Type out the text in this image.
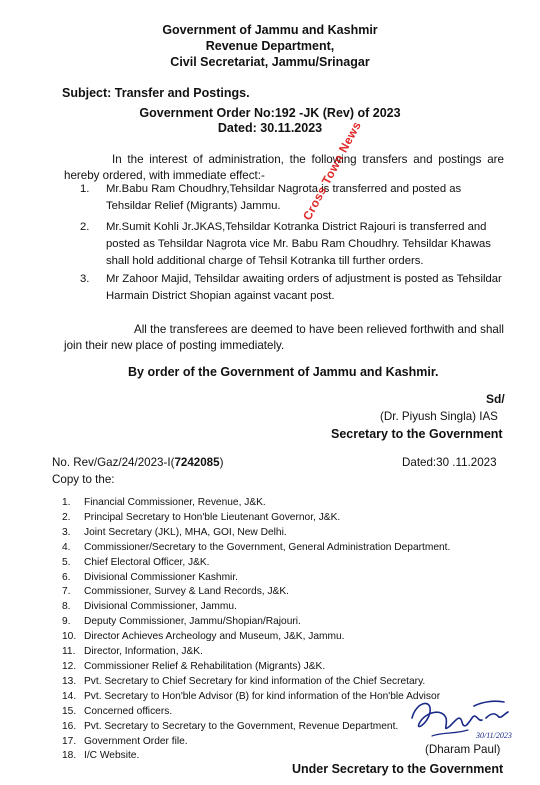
Government of Jammu and Kashmir
Revenue Department,
Civil Secretariat, Jammu/Srinagar
Subject: Transfer and Postings.
Government Order No:192 -JK (Rev) of 2023
Dated: 30.11.2023

In the interest of administration, the following transfers and postings are hereby ordered, with immediate effect:-

1. Mr.Babu Ram Choudhry,Tehsildar Nagrota is transferred and posted as Tehsildar Relief (Migrants) Jammu.
2. Mr.Sumit Kohli Jr.JKAS,Tehsildar Kotranka District Rajouri is transferred and posted as Tehsildar Nagrota vice Mr. Babu Ram Choudhry. Tehsildar Khawas shall hold additional charge of Tehsil Kotranka till further orders.
3. Mr Zahoor Majid, Tehsildar awaiting orders of adjustment is posted as Tehsildar Harmain District Shopian against vacant post.
Cross Town News

All the transferees are deemed to have been relieved forthwith and shall join their new place of posting immediately.

By order of the Government of Jammu and Kashmir.
Sd/
(Dr. Piyush Singla) IAS
Secretary to the Government
No. Rev/Gaz/24/2023-I(7242085)	Dated:30 .11.2023
Copy to the:
1. Financial Commissioner, Revenue, J&K.
2. Principal Secretary to Hon'ble Lieutenant Governor, J&K.
3. Joint Secretary (JKL), MHA, GOI, New Delhi.
4. Commissioner/Secretary to the Government, General Administration Department.
5. Chief Electoral Officer, J&K.
6. Divisional Commissioner Kashmir.
7. Commissioner, Survey & Land Records, J&K.
8. Divisional Commissioner, Jammu.
9. Deputy Commissioner, Jammu/Shopian/Rajouri.
10. Director Achieves Archeology and Museum, J&K, Jammu.
11. Director, Information, J&K.
12. Commissioner Relief & Rehabilitation (Migrants) J&K.
13. Pvt. Secretary to Chief Secretary for kind information of the Chief Secretary.
14. Pvt. Secretary to Hon'ble Advisor (B) for kind information of the Hon'ble Advisor
15. Concerned officers.
16. Pvt. Secretary to Secretary to the Government, Revenue Department.
17. Government Order file.
18. I/C Website.
30/11/2023
(Dharam Paul)
Under Secretary to the Government
